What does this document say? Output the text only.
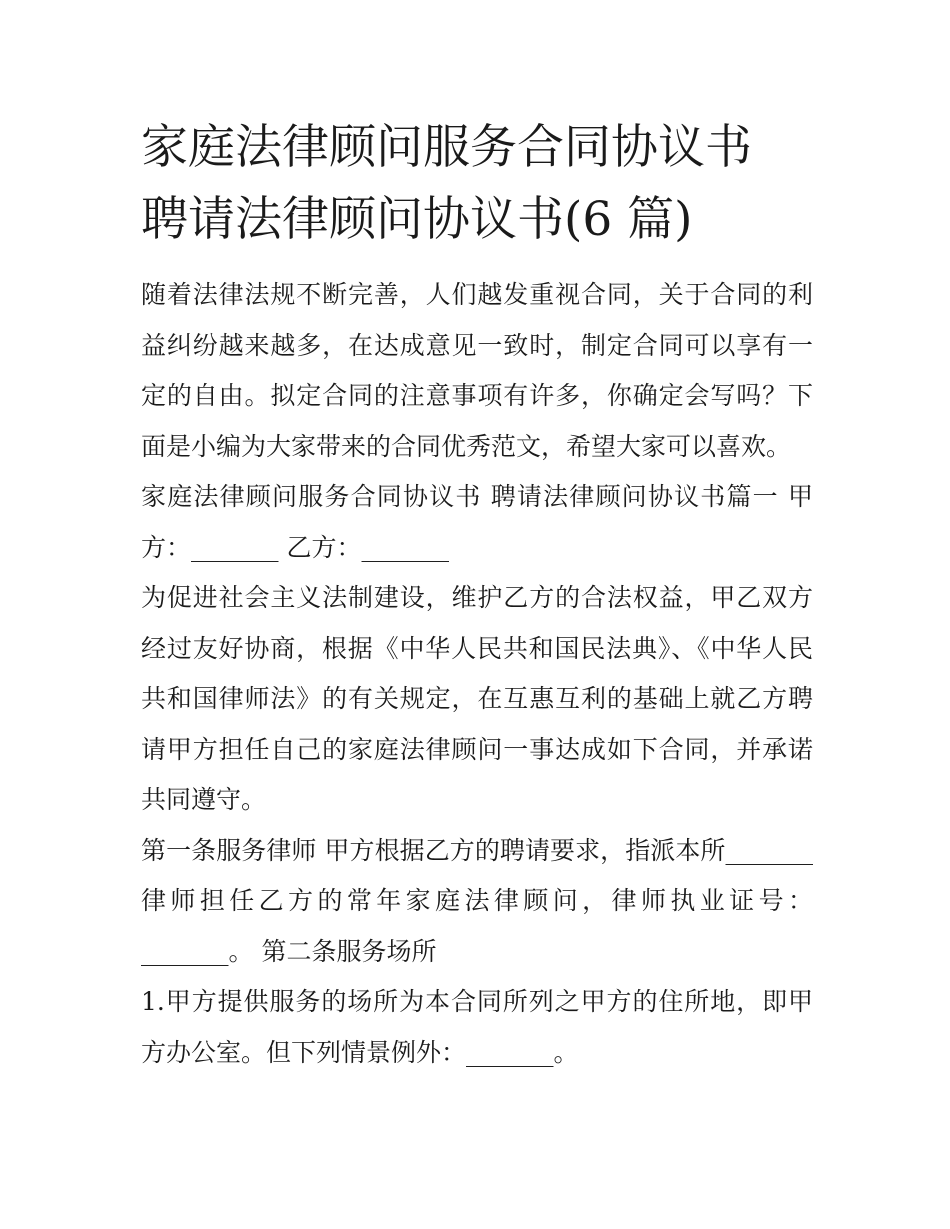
家庭法律顾问服务合同协议书
聘请法律顾问协议书(6 篇)

随着法律法规不断完善，人们越发重视合同，关于合同的利益纠纷越来越多，在达成意见一致时，制定合同可以享有一定的自由。拟定合同的注意事项有许多，你确定会写吗？下面是小编为大家带来的合同优秀范文，希望大家可以喜欢。

家庭法律顾问服务合同协议书 聘请法律顾问协议书篇一 甲方：_______ 乙方：_______

为促进社会主义法制建设，维护乙方的合法权益，甲乙双方经过友好协商，根据《中华人民共和国民法典》、《中华人民共和国律师法》的有关规定，在互惠互利的基础上就乙方聘请甲方担任自己的家庭法律顾问一事达成如下合同，并承诺共同遵守。

第一条服务律师 甲方根据乙方的聘请要求，指派本所_______律师担任乙方的常年家庭法律顾问，律师执业证号：_______。 第二条服务场所

1.甲方提供服务的场所为本合同所列之甲方的住所地，即甲方办公室。但下列情景例外：_______。
